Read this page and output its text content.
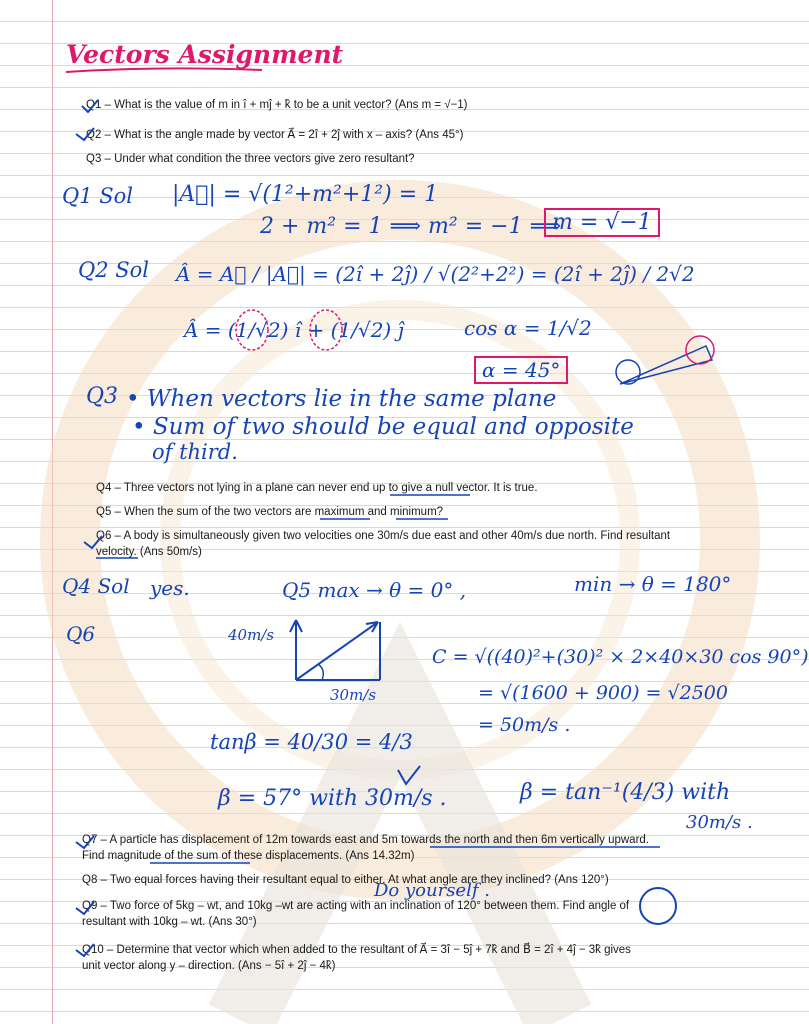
Vectors Assignment
Q1 – What is the value of m in î + mĵ + k̂ to be a unit vector? (Ans m = √−1)
Q2 – What is the angle made by vector A⃗ = 2î + 2ĵ with x – axis? (Ans 45°)
Q3 – Under what condition the three vectors give zero resultant?
Q1 Sol |A⃗| = √(1²+m²+1²) = 1
2 + m² = 1 ⟹ m² = −1 ⟹
m = √−1
Q2 Sol Â = A⃗ / |A⃗| = (2î + 2ĵ) / √(2²+2²) = (2î + 2ĵ) / 2√2
Â = (1/√2) î + (1/√2) ĵ	cos α = 1/√2
α = 45°
Q3 • When vectors lie in the same plane
• Sum of two should be equal and opposite
of third.
Q4 – Three vectors not lying in a plane can never end up to give a null vector. It is true.
Q5 – When the sum of the two vectors are maximum and minimum?
Q6 – A body is simultaneously given two velocities one 30m/s due east and other 40m/s due north. Find resultant
velocity. (Ans 50m/s)
Q4 Sol yes.	Q5 max → θ = 0° ,	min → θ = 180°
Q6	40m/s
30m/s
C = √((40)²+(30)² × 2×40×30 cos 90°)
= √(1600 + 900) = √2500
= 50m/s .
tanβ = 40/30 = 4/3
β = 57° with 30m/s .	β = tan⁻¹(4/3) with
30m/s .
Q7 – A particle has displacement of 12m towards east and 5m towards the north and then 6m vertically upward.
Find magnitude of the sum of these displacements. (Ans 14.32m)
Q8 – Two equal forces having their resultant equal to either. At what angle are they inclined? (Ans 120°)
Do yourself .
Q9 – Two force of 5kg – wt, and 10kg –wt are acting with an inclination of 120° between them. Find angle of
resultant with 10kg – wt. (Ans 30°)
Q10 – Determine that vector which when added to the resultant of A⃗ = 3î − 5ĵ + 7k̂ and B⃗ = 2î + 4ĵ − 3k̂ gives
unit vector along y – direction. (Ans − 5î + 2ĵ − 4k̂)
